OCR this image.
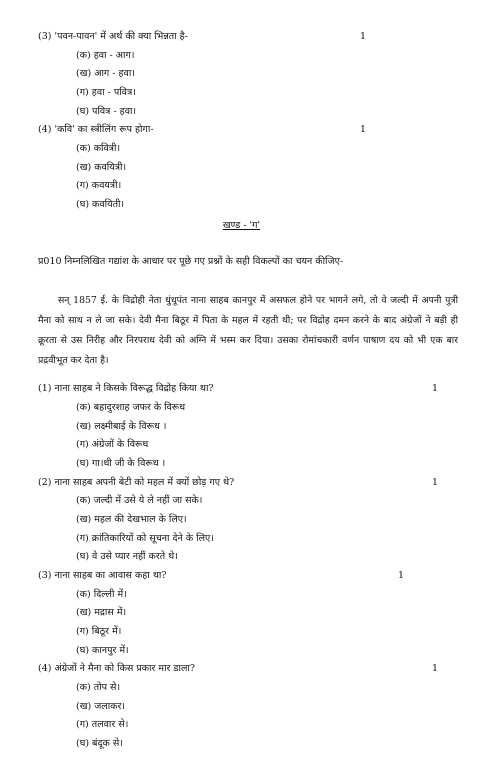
(3) 'पवन-पावन' में अर्थ की क्या भिन्नता है-	1
(क) हवा - आग।
(ख) आग - हवा।
(ग) हवा - पवित्र।
(घ) पवित्र - हवा।
(4) 'कवि' का स्त्रीलिंग रूप होगा-	1
(क) कवित्री।
(ख) कवयित्री।
(ग) कवयत्री।
(घ) कवयिती।
खण्ड - 'ग'
प्र010 निम्नलिखित गद्यांश के आधार पर पूछे गए प्रश्नों के सही विकल्पों का चयन कीजिए-
सन् 1857 ई. के विद्रोही नेता धुंधूपंत नाना साहब कानपुर में असफल होने पर भागने लगे, तो वे जल्दी में अपनी पुत्री मैना को साथ न ले जा सके। देवी मैना बिठूर में पिता के महल में रहती थी; पर विद्रोह दमन करने के बाद अंग्रेजों ने बड़ी ही क्रूरता से उस निरीह और निरपराध देवी को अग्नि में भस्म कर दिया। उसका रोमांचकारी वर्णन पाषाण दय को भी एक बार प्रद्रवीभूत कर देता है।
(1) नाना साहब ने किसके विरूद्ध विद्रोह किया था?	1
(क) बहादुरशाह जफर के विरूध
(ख) लक्ष्मीबाई के विरूध ।
(ग) अंग्रेजों के विरूध
(घ) गा।धी जी के विरूध ।
(2) नाना साहब अपनी बेटी को महल में क्यों छोड़ गए थे?	1
(क) जल्दी में उसे ये ले नहीं जा सके।
(ख) महल की देखभाल के लिए।
(ग) क्रांतिकारियों को सूचना देने के लिए।
(घ) वे उसे प्यार नहीं करते थे।
(3) नाना साहब का आवास कहा था?	1
(क) दिल्ली में।
(ख) मद्रास में।
(ग) बिठूर में।
(घ) कानपुर में।
(4) अंग्रेजों ने मैना को किस प्रकार मार डाला?	1
(क) तोप से।
(ख) जलाकर।
(ग) तलवार से।
(घ) बंदूक से।
